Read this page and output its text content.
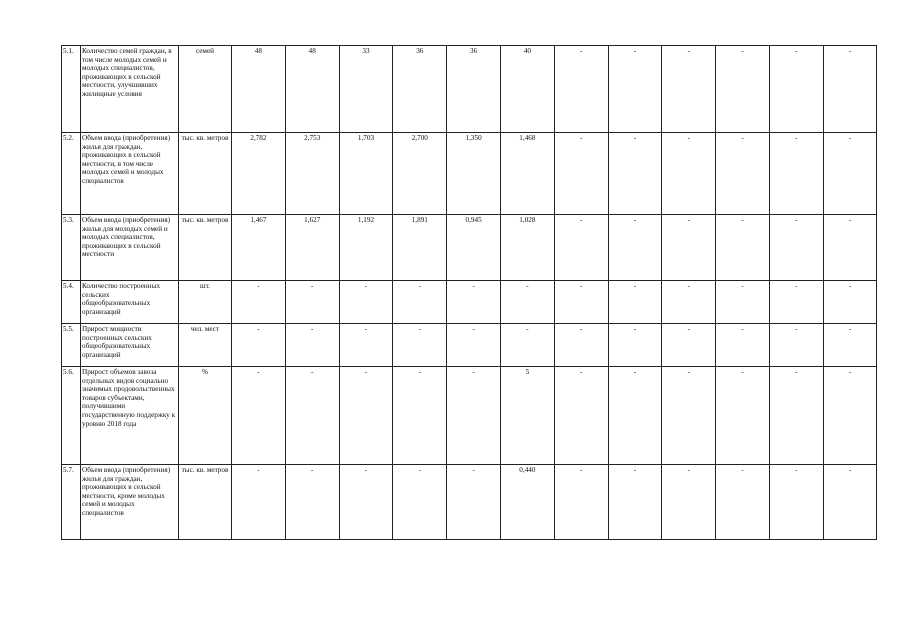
5.1.	Количество семей граждан, в том числе молодых семей и молодых специалистов, проживающих в сельской местности, улучшивших жилищные условия	семей	48	48	33	36	36	40	-	-	-	-	-	-
5.2.	Объем ввода (приобретения) жилья для граждан, проживающих в сельской местности, в том числе молодых семей и молодых специалистов	тыс. кв. метров	2,782	2,753	1,703	2,700	1,350	1,468	-	-	-	-	-	-
5.3.	Объем ввода (приобретения) жилья для молодых семей и молодых специалистов, проживающих в сельской местности	тыс. кв. метров	1,467	1,627	1,192	1,891	0,945	1,028	-	-	-	-	-	-
5.4.	Количество построенных сельских общеобразовательных организаций	шт.	-	-	-	-	-	-	-	-	-	-	-	-
5.5.	Прирост мощности построенных сельских общеобразовательных организаций	чел. мест	-	-	-	-	-	-	-	-	-	-	-	-
5.6.	Прирост объемов завоза отдельных видов социально значимых продовольственных товаров субъектами, получившими государственную поддержку к уровню 2018 года	%	-	-	-	-	-	5	-	-	-	-	-	-
5.7.	Объем ввода (приобретения) жилья для граждан, проживающих в сельской местности, кроме молодых семей и молодых специалистов	тыс. кв. метров	-	-	-	-	-	0,440	-	-	-	-	-	-
